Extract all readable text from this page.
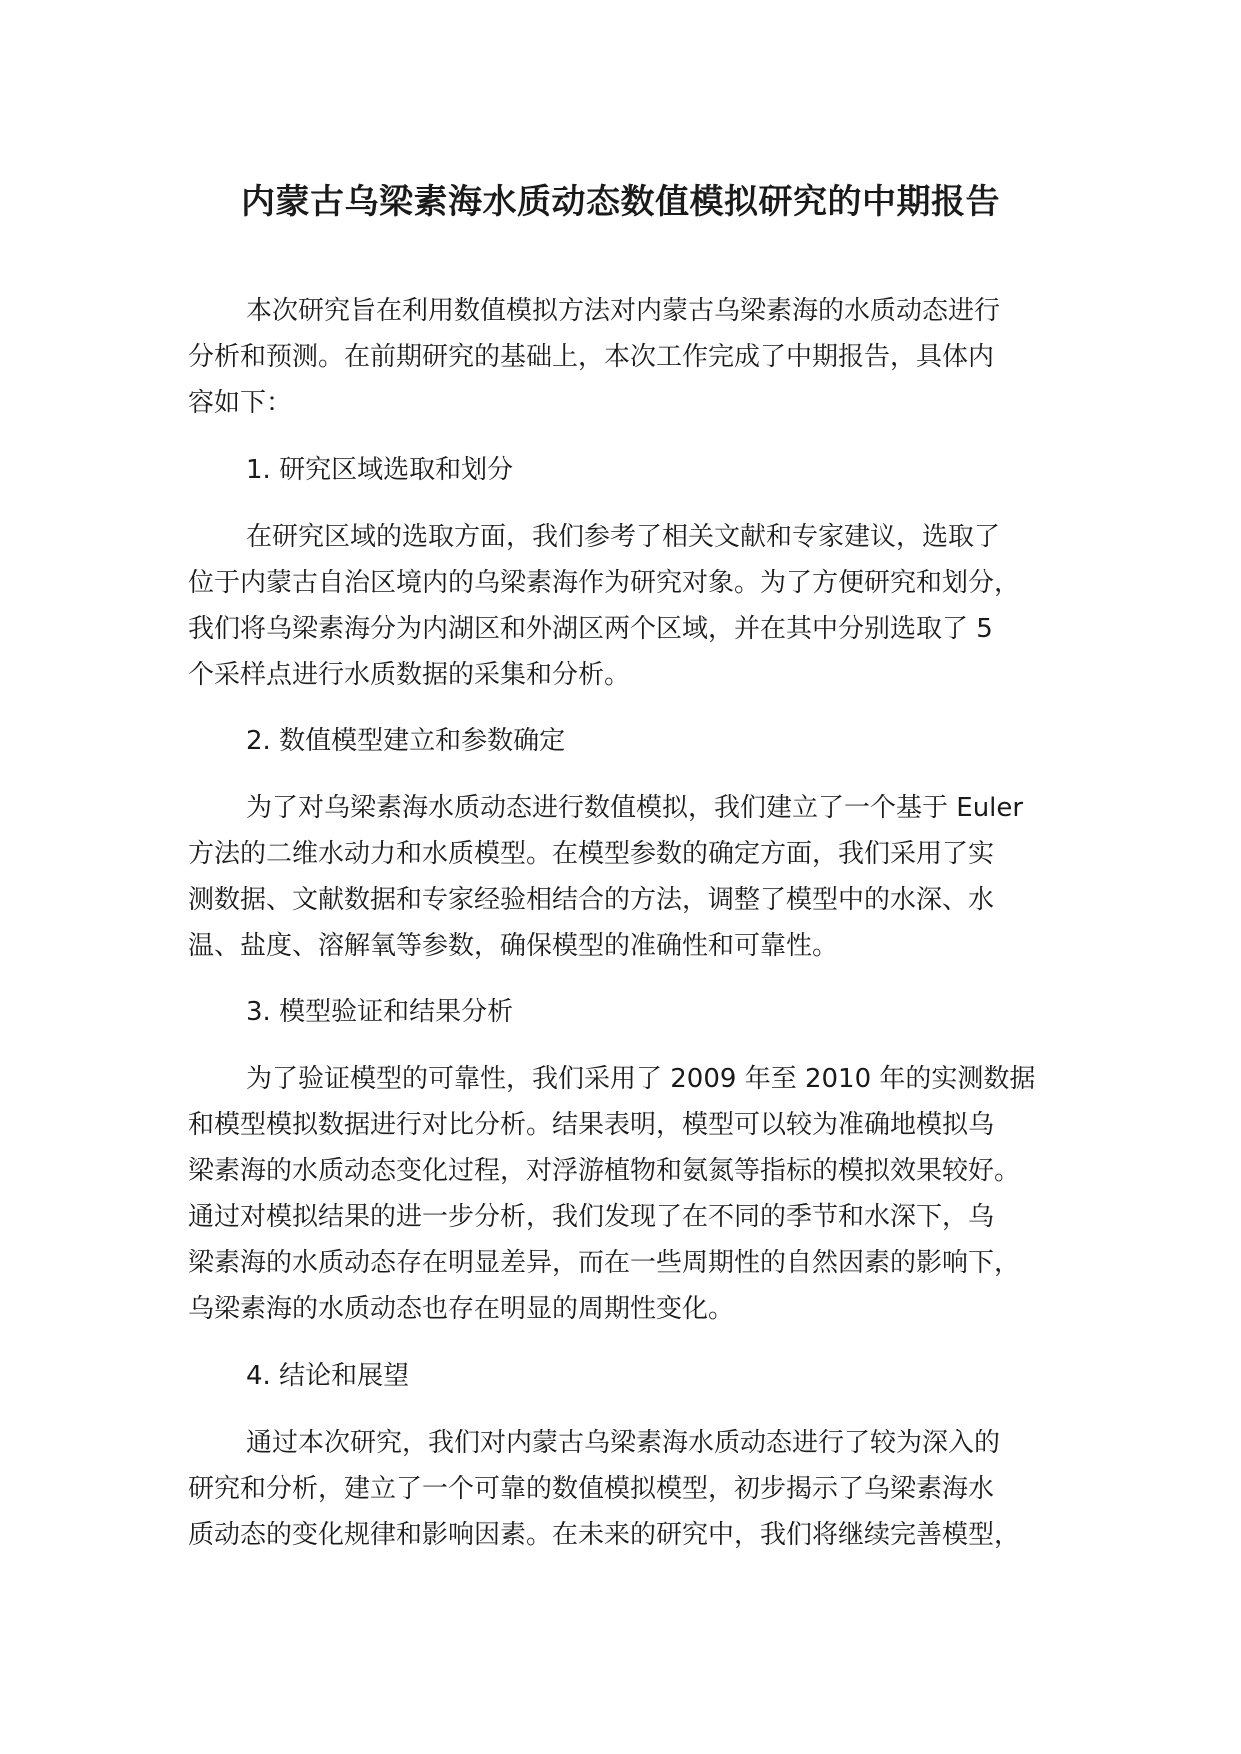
内蒙古乌梁素海水质动态数值模拟研究的中期报告
本次研究旨在利用数值模拟方法对内蒙古乌梁素海的水质动态进行
分析和预测。在前期研究的基础上，本次工作完成了中期报告，具体内
容如下：
1. 研究区域选取和划分
在研究区域的选取方面，我们参考了相关文献和专家建议，选取了
位于内蒙古自治区境内的乌梁素海作为研究对象。为了方便研究和划分，
我们将乌梁素海分为内湖区和外湖区两个区域，并在其中分别选取了 5
个采样点进行水质数据的采集和分析。
2. 数值模型建立和参数确定
为了对乌梁素海水质动态进行数值模拟，我们建立了一个基于 Euler
方法的二维水动力和水质模型。在模型参数的确定方面，我们采用了实
测数据、文献数据和专家经验相结合的方法，调整了模型中的水深、水
温、盐度、溶解氧等参数，确保模型的准确性和可靠性。
3. 模型验证和结果分析
为了验证模型的可靠性，我们采用了 2009 年至 2010 年的实测数据
和模型模拟数据进行对比分析。结果表明，模型可以较为准确地模拟乌
梁素海的水质动态变化过程，对浮游植物和氨氮等指标的模拟效果较好。
通过对模拟结果的进一步分析，我们发现了在不同的季节和水深下，乌
梁素海的水质动态存在明显差异，而在一些周期性的自然因素的影响下，
乌梁素海的水质动态也存在明显的周期性变化。
4. 结论和展望
通过本次研究，我们对内蒙古乌梁素海水质动态进行了较为深入的
研究和分析，建立了一个可靠的数值模拟模型，初步揭示了乌梁素海水
质动态的变化规律和影响因素。在未来的研究中，我们将继续完善模型，
